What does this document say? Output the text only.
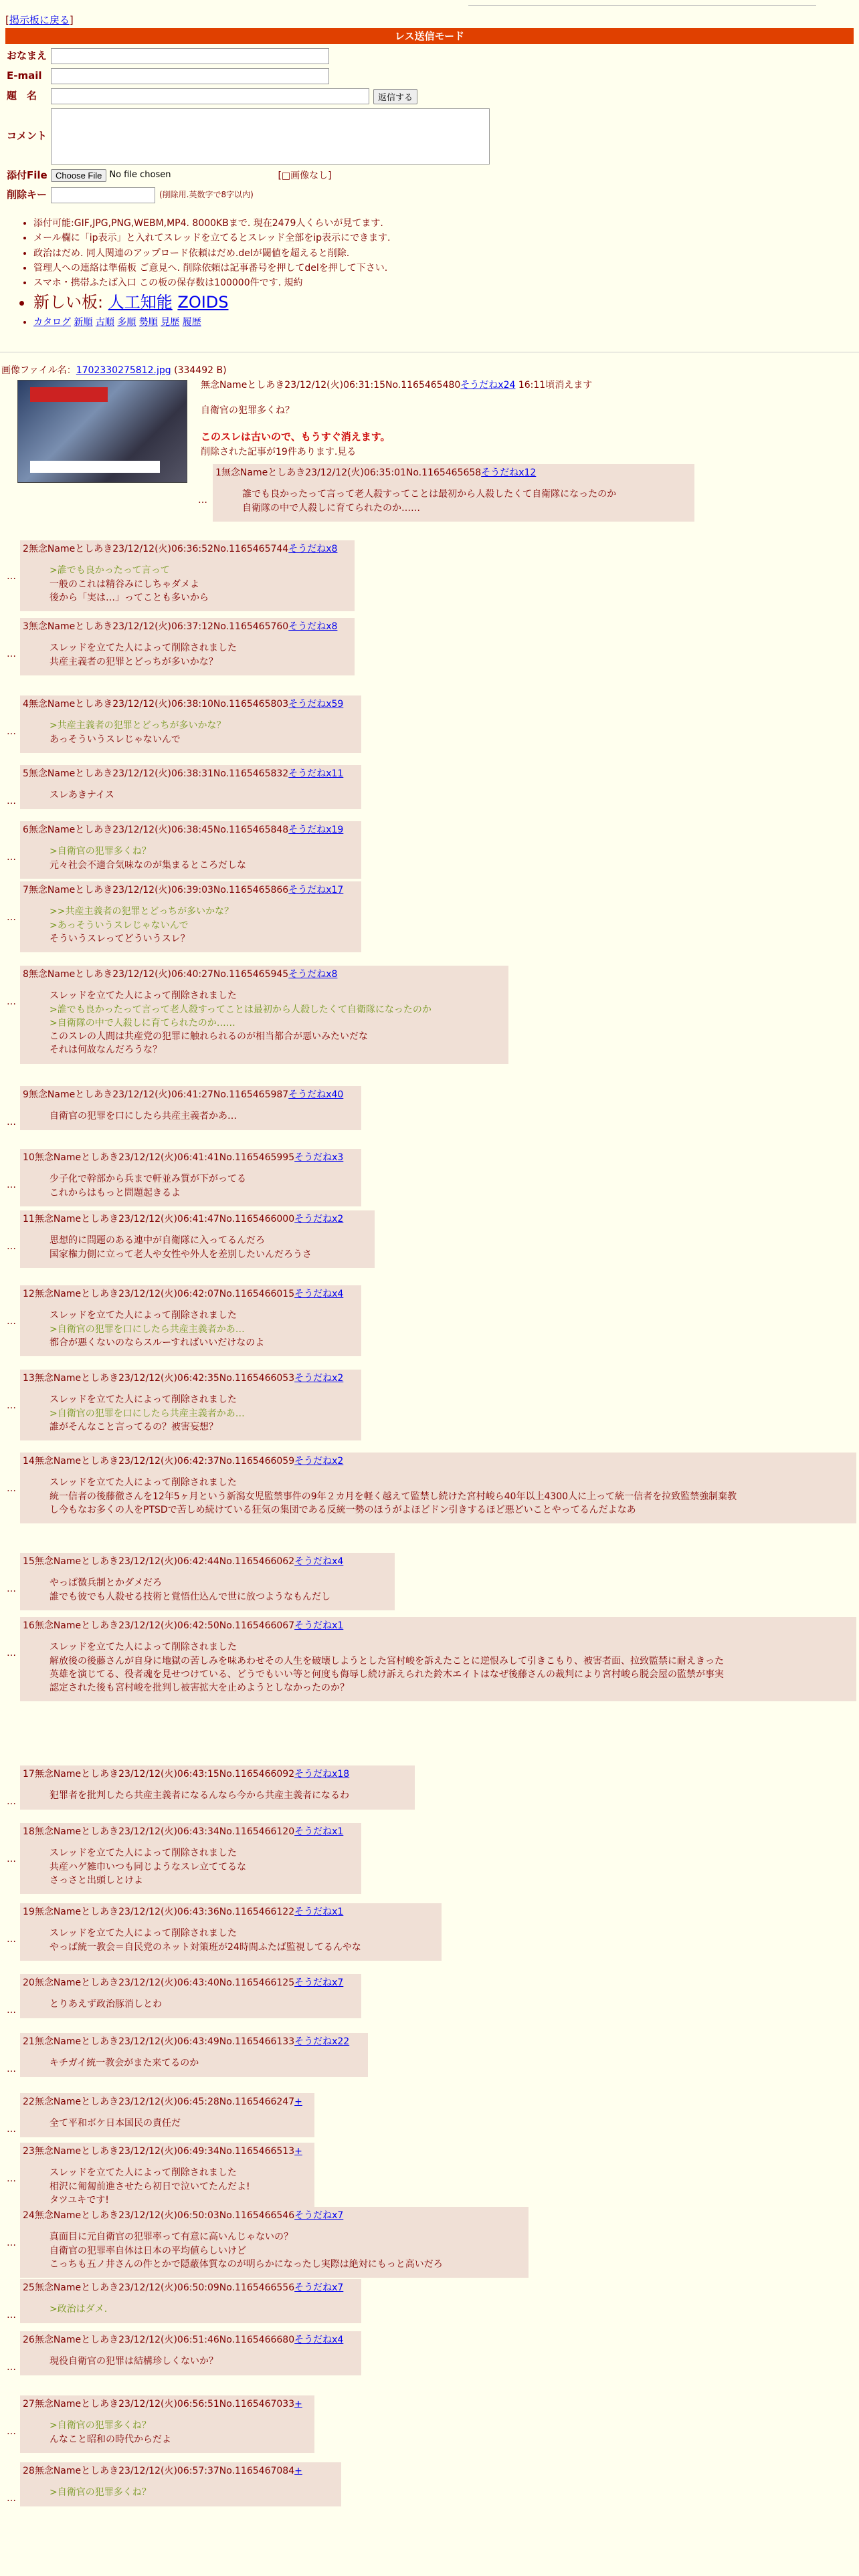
[掲示板に戻る]
レス送信モード
おなまえ
E-mail
題　名	返信する
コメント
添付File Choose File No file chosen	[□画像なし]
削除キー	(削除用.英数字で8字以内)
• 添付可能:GIF,JPG,PNG,WEBM,MP4. 8000KBまで. 現在2479人くらいが見てます.
• メール欄に「ip表示」と入れてスレッドを立てるとスレッド全部をip表示にできます.
• 政治はだめ. 同人関連のアップロード依頼はだめ.delが閾値を超えると削除.
• 管理人への連絡は準備板 ご意見へ. 削除依頼は記事番号を押してdelを押して下さい.
• スマホ・携帯ふたば入口 この板の保存数は100000件です. 規約
• 新しい板: 人工知能 ZOIDS
• カタログ 新順 古順 多順 勢順 見歴 履歴
画像ファイル名：1702330275812.jpg (334492 B)
無念Nameとしあき23/12/12(火)06:31:15No.1165465480そうだねx24 16:11頃消えます
自衛官の犯罪多くね？
このスレは古いので、もうすぐ消えます。
削除された記事が19件あります.見る
…
1無念Nameとしあき23/12/12(火)06:35:01No.1165465658そうだねx12
誰でも良かったって言って老人殺すってことは最初から人殺したくて自衛隊になったのか
自衛隊の中で人殺しに育てられたのか……
…
2無念Nameとしあき23/12/12(火)06:36:52No.1165465744そうだねx8
>誰でも良かったって言って
一般のこれは精谷みにしちゃダメよ
後から「実は…」ってことも多いから
…
3無念Nameとしあき23/12/12(火)06:37:12No.1165465760そうだねx8
スレッドを立てた人によって削除されました
共産主義者の犯罪とどっちが多いかな？
…
4無念Nameとしあき23/12/12(火)06:38:10No.1165465803そうだねx59
>共産主義者の犯罪とどっちが多いかな？
あっそういうスレじゃないんで
…
5無念Nameとしあき23/12/12(火)06:38:31No.1165465832そうだねx11
スレあきナイス
…
6無念Nameとしあき23/12/12(火)06:38:45No.1165465848そうだねx19
>自衛官の犯罪多くね？
元々社会不適合気味なのが集まるところだしな
…
7無念Nameとしあき23/12/12(火)06:39:03No.1165465866そうだねx17
>>共産主義者の犯罪とどっちが多いかな？
>あっそういうスレじゃないんで
そういうスレってどういうスレ？
…
8無念Nameとしあき23/12/12(火)06:40:27No.1165465945そうだねx8
スレッドを立てた人によって削除されました
>誰でも良かったって言って老人殺すってことは最初から人殺したくて自衛隊になったのか
>自衛隊の中で人殺しに育てられたのか……
このスレの人間は共産党の犯罪に触れられるのが相当都合が悪いみたいだな
それは何故なんだろうな？
…
9無念Nameとしあき23/12/12(火)06:41:27No.1165465987そうだねx40
自衛官の犯罪を口にしたら共産主義者かあ…
…
10無念Nameとしあき23/12/12(火)06:41:41No.1165465995そうだねx3
少子化で幹部から兵まで軒並み質が下がってる
これからはもっと問題起きるよ
…
11無念Nameとしあき23/12/12(火)06:41:47No.1165466000そうだねx2
思想的に問題のある連中が自衛隊に入ってるんだろ
国家権力側に立って老人や女性や外人を差別したいんだろうさ
…
12無念Nameとしあき23/12/12(火)06:42:07No.1165466015そうだねx4
スレッドを立てた人によって削除されました
>自衛官の犯罪を口にしたら共産主義者かあ…
都合が悪くないのならスルーすればいいだけなのよ
…
13無念Nameとしあき23/12/12(火)06:42:35No.1165466053そうだねx2
スレッドを立てた人によって削除されました
>自衛官の犯罪を口にしたら共産主義者かあ…
誰がそんなこと言ってるの？被害妄想？
…
14無念Nameとしあき23/12/12(火)06:42:37No.1165466059そうだねx2
スレッドを立てた人によって削除されました
統一信者の後藤徹さんを12年5ヶ月という新潟女児監禁事件の9年２カ月を軽く越えて監禁し続けた宮村峻ら40年以上4300人に上って統一信者を拉致監禁強制棄教
し今もなお多くの人をPTSDで苦しめ続けている狂気の集団である反統一勢のほうがよほどドン引きするほど悪どいことやってるんだよなあ
…
15無念Nameとしあき23/12/12(火)06:42:44No.1165466062そうだねx4
やっぱ徴兵制とかダメだろ
誰でも彼でも人殺せる技術と覚悟仕込んで世に放つようなもんだし
…
16無念Nameとしあき23/12/12(火)06:42:50No.1165466067そうだねx1
スレッドを立てた人によって削除されました
解放後の後藤さんが自身に地獄の苦しみを味あわせその人生を破壊しようとした宮村峻を訴えたことに逆恨みして引きこもり、被害者面、拉致監禁に耐えきった
英雄を演じてる、役者魂を見せつけている、どうでもいい等と何度も侮辱し続け訴えられた鈴木エイトはなぜ後藤さんの裁判により宮村峻ら脱会屋の監禁が事実
認定された後も宮村峻を批判し被害拡大を止めようとしなかったのか？
…
17無念Nameとしあき23/12/12(火)06:43:15No.1165466092そうだねx18
犯罪者を批判したら共産主義者になるんなら今から共産主義者になるわ
…
18無念Nameとしあき23/12/12(火)06:43:34No.1165466120そうだねx1
スレッドを立てた人によって削除されました
共産ハゲ雑巾いつも同じようなスレ立ててるな
さっさと出頭しとけよ
…
19無念Nameとしあき23/12/12(火)06:43:36No.1165466122そうだねx1
スレッドを立てた人によって削除されました
やっぱ統一教会＝自民党のネット対策班が24時間ふたば監視してるんやな
…
20無念Nameとしあき23/12/12(火)06:43:40No.1165466125そうだねx7
とりあえず政治豚消しとわ
…
21無念Nameとしあき23/12/12(火)06:43:49No.1165466133そうだねx22
キチガイ統一教会がまた来てるのか
…
22無念Nameとしあき23/12/12(火)06:45:28No.1165466247+
全て平和ボケ日本国民の責任だ
…
23無念Nameとしあき23/12/12(火)06:49:34No.1165466513+
スレッドを立てた人によって削除されました
相沢に匍匐前進させたら初日で泣いてたんだよ!
タツユキです!
…
24無念Nameとしあき23/12/12(火)06:50:03No.1165466546そうだねx7
真面目に元自衛官の犯罪率って有意に高いんじゃないの？
自衛官の犯罪率自体は日本の平均値らしいけど
こっちも五ノ井さんの件とかで隠蔽体質なのが明らかになったし実際は絶対にもっと高いだろ
…
25無念Nameとしあき23/12/12(火)06:50:09No.1165466556そうだねx7
>政治はダメ.
…
26無念Nameとしあき23/12/12(火)06:51:46No.1165466680そうだねx4
現役自衛官の犯罪は結構珍しくないか？
…
27無念Nameとしあき23/12/12(火)06:56:51No.1165467033+
>自衛官の犯罪多くね？
んなこと昭和の時代からだよ
…
28無念Nameとしあき23/12/12(火)06:57:37No.1165467084+
>自衛官の犯罪多くね？
